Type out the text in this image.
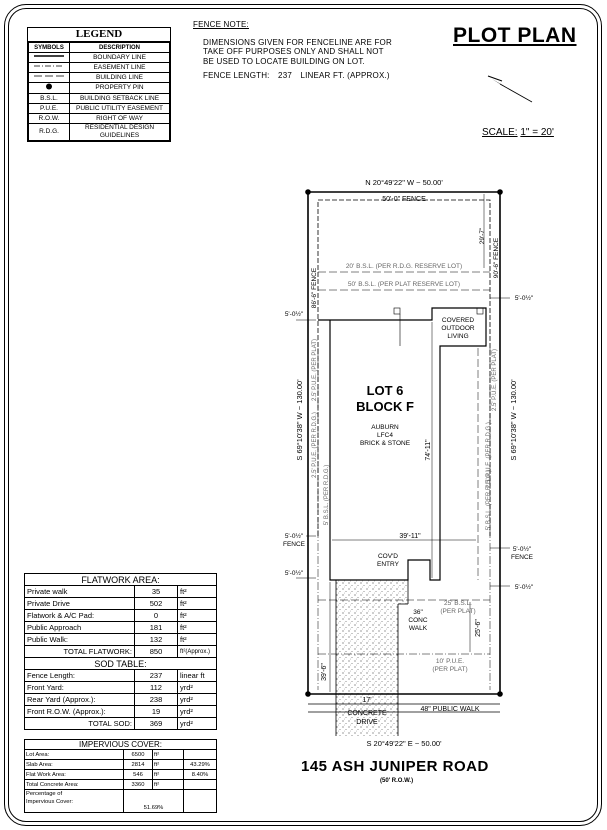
LEGEND
SYMBOLS	DESCRIPTION
	BOUNDARY LINE
	EASEMENT LINE
	BUILDING LINE
	PROPERTY PIN
B.S.L.	BUILDING SETBACK LINE
P.U.E.	PUBLIC UTILITY EASEMENT
R.O.W.	RIGHT OF WAY
R.D.G.	RESIDENTIAL DESIGN GUIDELINES
FENCE NOTE:
DIMENSIONS GIVEN FOR FENCELINE ARE FOR
TAKE OFF PURPOSES ONLY AND SHALL NOT
BE USED TO LOCATE BUILDING ON LOT.
FENCE LENGTH: 237 LINEAR FT. (APPROX.)
PLOT PLAN
SCALE: 1" = 20'
N 20°49'22" W ~ 50.00'
50'-0" FENCE
20' B.S.L. (PER R.D.G. RESERVE LOT)
50' B.S.L. (PER PLAT RESERVE LOT)
86'-6" FENCE
90'-6" FENCE
29'-7"
5'-0½"
5'-0½"
COVERED
OUTDOOR
LIVING
LOT 6
BLOCK F
AUBURN
LFC4
BRICK & STONE 74'-11"
39'-11"
S 69°10'38" W ~ 130.00'	S 69°10'38" W ~ 130.00'
2.5' P.U.E. (PER PLAT)
2.5' P.U.E. (PER R.D.G.)
5' B.S.L. (PER R.D.G.)
2.5' P.U.E. (PER PLAT)
2.5' P.U.E. (PER R.D.G.)
5' B.S.L. (PER R.D.G.)
5'-0½"
FENCE
5'-0½"
FENCE
5'-0½"
5'-0½"
COV'D
ENTRY
36"
CONC
WALK
25' B.S.L.
(PER PLAT)
10' P.U.E.
(PER PLAT)
25'-6"
39'-6"
17'
CONCRETE
DRIVE
48" PUBLIC WALK
S 20°49'22" E ~ 50.00'
FLATWORK AREA:		
Private walk	35	ft²
Private Drive	502	ft²
Flatwork & A/C Pad:	0	ft²
Public Approach	181	ft²
Public Walk:	132	ft²
TOTAL FLATWORK:	850	ft²(Approx.)
SOD TABLE:		
Fence Length:	237	linear ft
Front Yard:	112	yrd²
Rear Yard (Approx.):	238	yrd²
Front R.O.W. (Approx.):	19	yrd²
TOTAL SOD:	369	yrd²
IMPERVIOUS COVER:			
Lot Area:	6500	ft²	
Slab Area:	2814	ft²	43.29%
Flat Work Area:	546	ft²	8.40%
Total Concrete Area:	3360	ft²	

Percentage of
Impervious Cover:	51.69%		
145 ASH JUNIPER ROAD
(50' R.O.W.)
